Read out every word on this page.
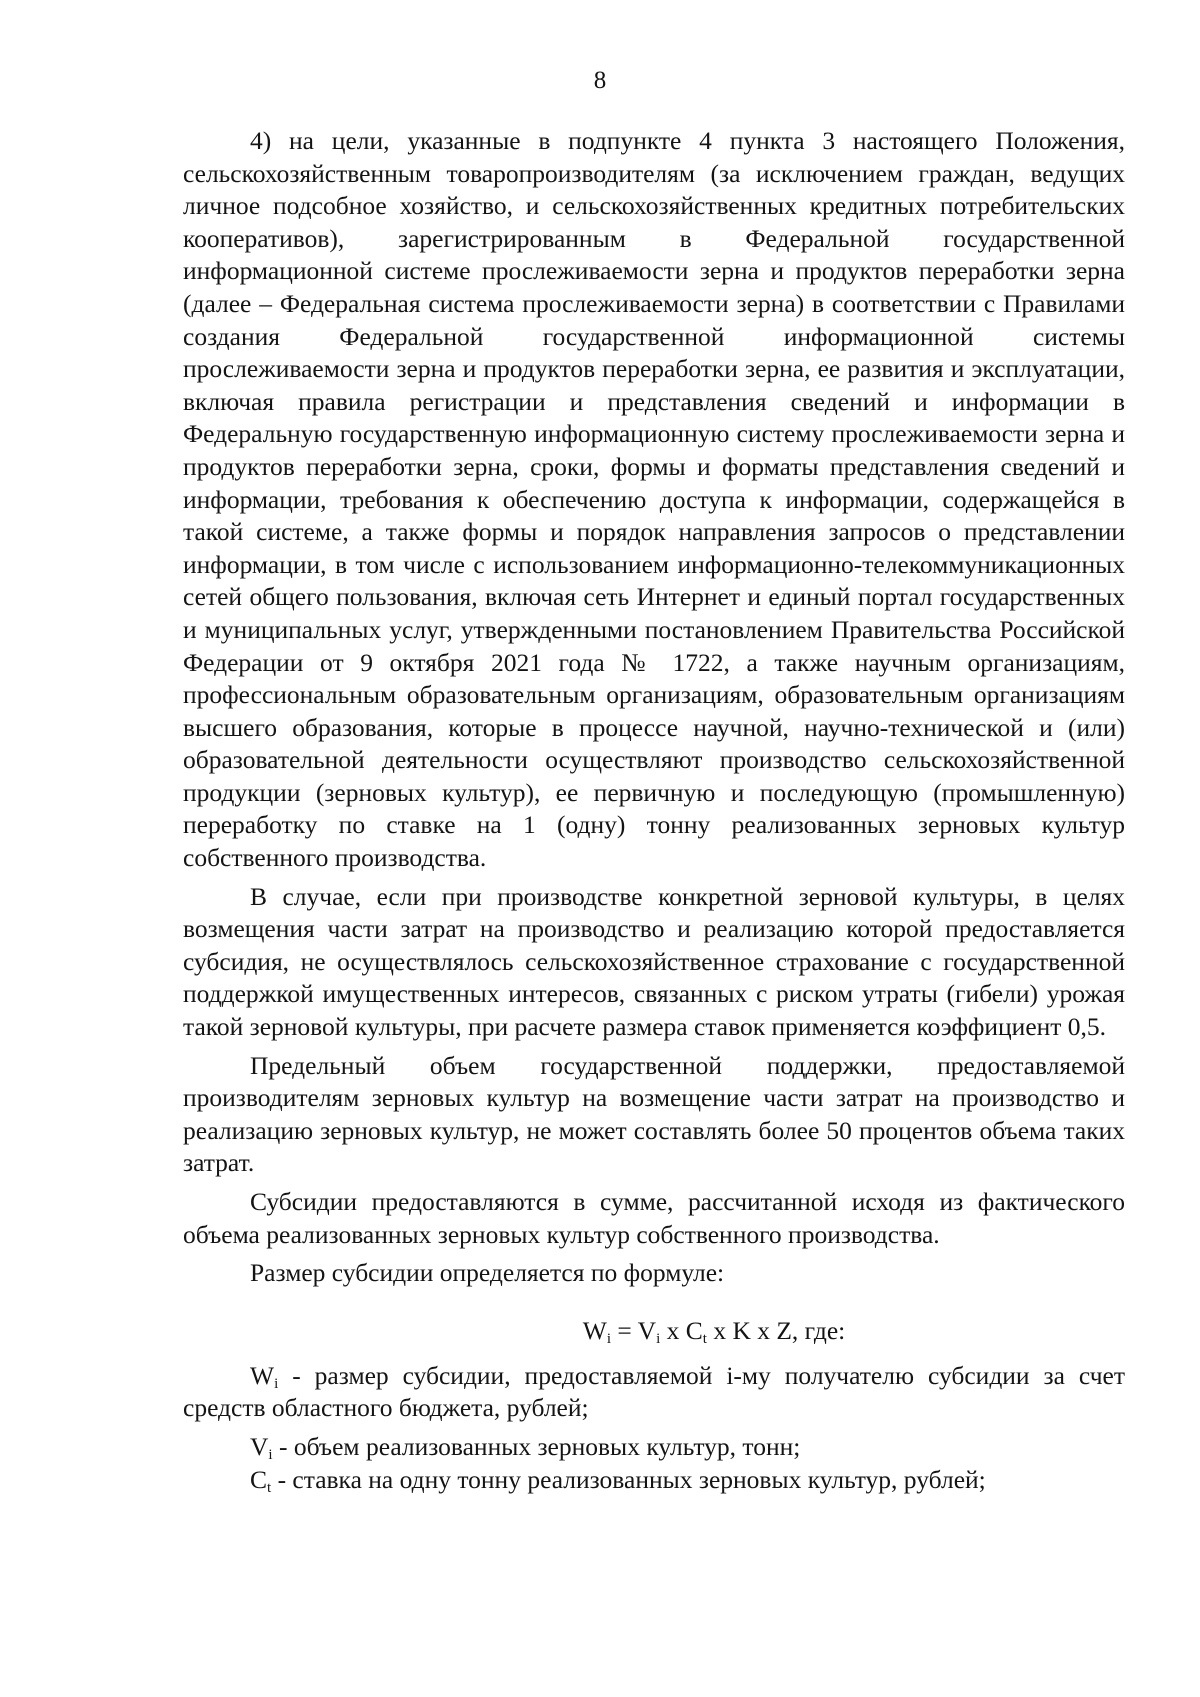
8

4) на цели, указанные в подпункте 4 пункта 3 настоящего Положения, сельскохозяйственным товаропроизводителям (за исключением граждан, ведущих личное подсобное хозяйство, и сельскохозяйственных кредитных потребительских кооперативов), зарегистрированным в Федеральной государственной информационной системе прослеживаемости зерна и продуктов переработки зерна (далее – Федеральная система прослеживаемости зерна) в соответствии с Правилами создания Федеральной государственной информационной системы прослеживаемости зерна и продуктов переработки зерна, ее развития и эксплуатации, включая правила регистрации и представления сведений и информации в Федеральную государственную информационную систему прослеживаемости зерна и продуктов переработки зерна, сроки, формы и форматы представления сведений и информации, требования к обеспечению доступа к информации, содержащейся в такой системе, а также формы и порядок направления запросов о представлении информации, в том числе с использованием информационно-телекоммуникационных сетей общего пользования, включая сеть Интернет и единый портал государственных и муниципальных услуг, утвержденными постановлением Правительства Российской Федерации от 9 октября 2021 года № 1722, а также научным организациям, профессиональным образовательным организациям, образовательным организациям высшего образования, которые в процессе научной, научно-технической и (или) образовательной деятельности осуществляют производство сельскохозяйственной продукции (зерновых культур), ее первичную и последующую (промышленную) переработку по ставке на 1 (одну) тонну реализованных зерновых культур собственного производства.

В случае, если при производстве конкретной зерновой культуры, в целях возмещения части затрат на производство и реализацию которой предоставляется субсидия, не осуществлялось сельскохозяйственное страхование с государственной поддержкой имущественных интересов, связанных с риском утраты (гибели) урожая такой зерновой культуры, при расчете размера ставок применяется коэффициент 0,5.

Предельный объем государственной поддержки, предоставляемой производителям зерновых культур на возмещение части затрат на производство и реализацию зерновых культур, не может составлять более 50 процентов объема таких затрат.

Субсидии предоставляются в сумме, рассчитанной исходя из фактического объема реализованных зерновых культур собственного производства.

Размер субсидии определяется по формуле:

$W_i = V_i$ x $C_t$ x K x Z, где:

$W_i$ - размер субсидии, предоставляемой i-му получателю субсидии за счет средств областного бюджета, рублей;

$V_i$ - объем реализованных зерновых культур, тонн;

$C_t$ - ставка на одну тонну реализованных зерновых культур, рублей;
